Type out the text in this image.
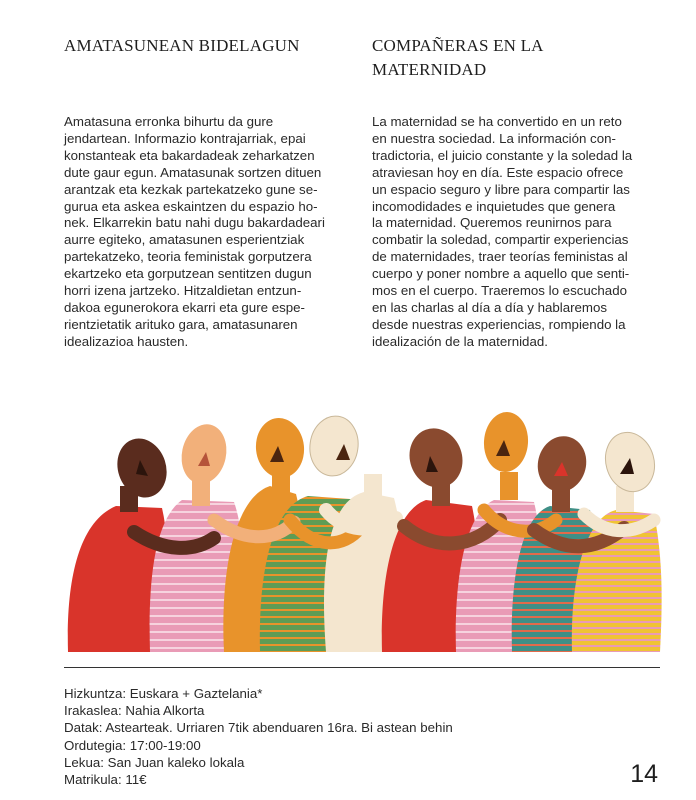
AMATASUNEAN BIDELAGUN

Amatasuna erronka bihurtu da gure

jendartean. Informazio kontrajarriak, epai

konstanteak eta bakardadeak zeharkatzen

dute gaur egun. Amatasunak sortzen dituen

arantzak eta kezkak partekatzeko gune se-

gurua eta askea eskaintzen du espazio ho-

nek. Elkarrekin batu nahi dugu bakardadeari

aurre egiteko, amatasunen esperientziak

partekatzeko, teoria feministak gorputzera

ekartzeko eta gorputzean sentitzen dugun

horri izena jartzeko. Hitzaldietan entzun-

dakoa egunerokora ekarri eta gure espe-

rientzietatik arituko gara, amatasunaren

idealizazioa hausten.

COMPAÑERAS EN LA
MATERNIDAD

La maternidad se ha convertido en un reto

en nuestra sociedad. La información con-

tradictoria, el juicio constante y la soledad la

atraviesan hoy en día. Este espacio ofrece

un espacio seguro y libre para compartir las

incomodidades e inquietudes que genera

la maternidad. Queremos reunirnos para

combatir la soledad, compartir experiencias

de maternidades, traer teorías feministas al

cuerpo y poner nombre a aquello que senti-

mos en el cuerpo. Traeremos lo escuchado

en las charlas al día a día y hablaremos

desde nuestras experiencias, rompiendo la

idealización de la maternidad.

Hizkuntza: Euskara + Gaztelania*

Irakaslea: Nahia Alkorta

Datak: Astearteak. Urriaren 7tik abenduaren 16ra. Bi astean behin

Ordutegia: 17:00-19:00

Lekua: San Juan kaleko lokala

Matrikula: 11€	14
